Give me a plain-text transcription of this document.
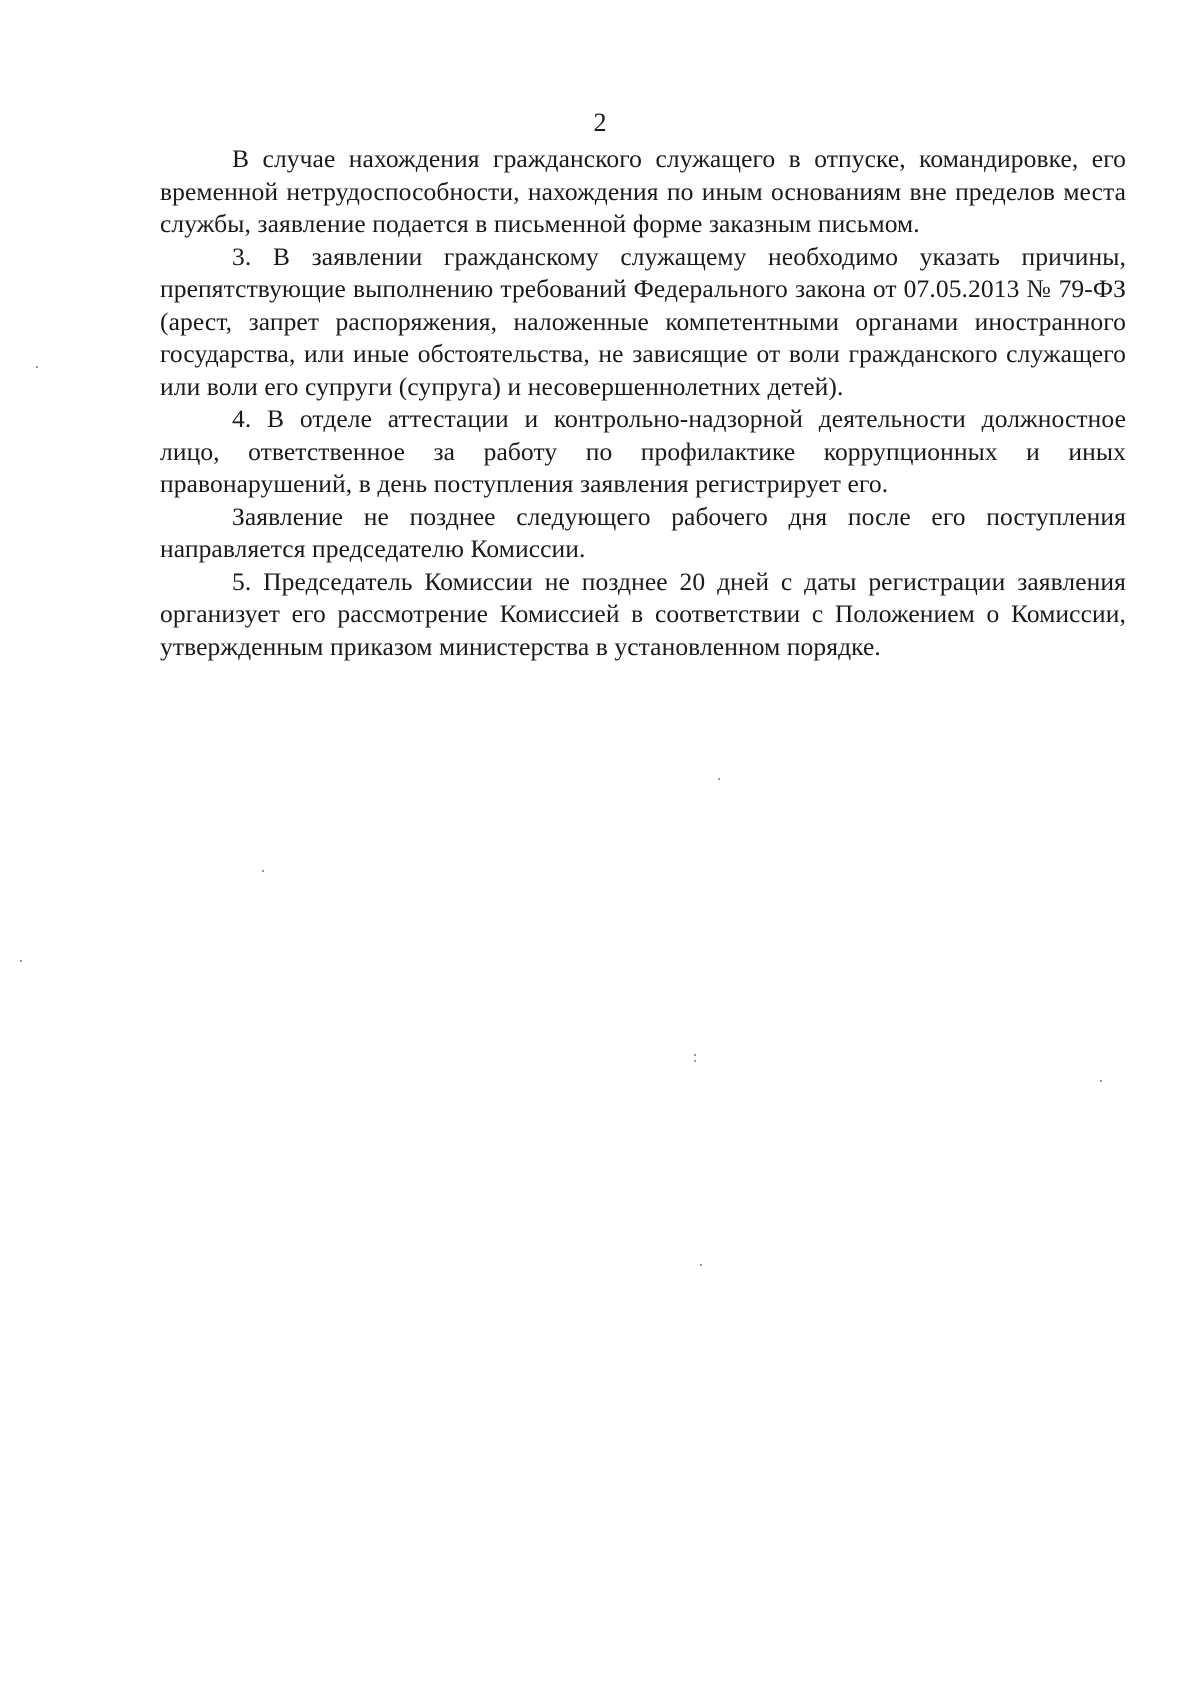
2

В случае нахождения гражданского служащего в отпуске, командировке, его временной нетрудоспособности, нахождения по иным основаниям вне пределов места службы, заявление подается в письменной форме заказным письмом.

3. В заявлении гражданскому служащему необходимо указать причины, препятствующие выполнению требований Федерального закона от 07.05.2013 № 79-ФЗ (арест, запрет распоряжения, наложенные компетентными органами иностранного государства, или иные обстоятельства, не зависящие от воли гражданского служащего или воли его супруги (супруга) и несовершеннолетних детей).

4. В отделе аттестации и контрольно-надзорной деятельности должностное лицо, ответственное за работу по профилактике коррупционных и иных правонарушений, в день поступления заявления регистрирует его.

Заявление не позднее следующего рабочего дня после его поступления направляется председателю Комиссии.

5. Председатель Комиссии не позднее 20 дней с даты регистрации заявления организует его рассмотрение Комиссией в соответствии с Положением о Комиссии, утвержденным приказом министерства в установленном порядке.
